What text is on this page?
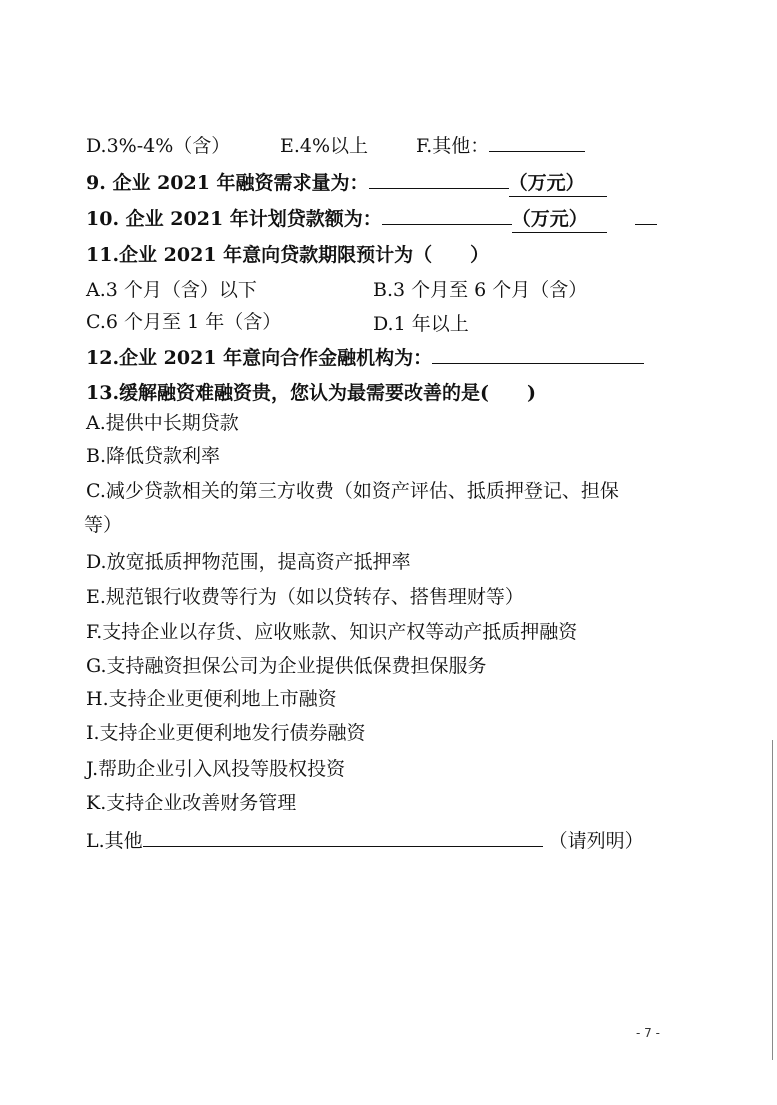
D.3%-4%（含）	E.4%以上	F.其他：
9. 企业 2021 年融资需求量为：	（万元）
10. 企业 2021 年计划贷款额为：	（万元）
11.企业 2021 年意向贷款期限预计为（　　）
A.3 个月（含）以下	B.3 个月至 6 个月（含）
C.6 个月至 1 年（含）	D.1 年以上
12.企业 2021 年意向合作金融机构为：
13.缓解融资难融资贵，您认为最需要改善的是(　　)
A.提供中长期贷款
B.降低贷款利率
C.减少贷款相关的第三方收费（如资产评估、抵质押登记、担保
等）
D.放宽抵质押物范围，提高资产抵押率
E.规范银行收费等行为（如以贷转存、搭售理财等）
F.支持企业以存货、应收账款、知识产权等动产抵质押融资
G.支持融资担保公司为企业提供低保费担保服务
H.支持企业更便利地上市融资
I.支持企业更便利地发行债券融资
J.帮助企业引入风投等股权投资
K.支持企业改善财务管理
L.其他	（请列明）
- 7 -
